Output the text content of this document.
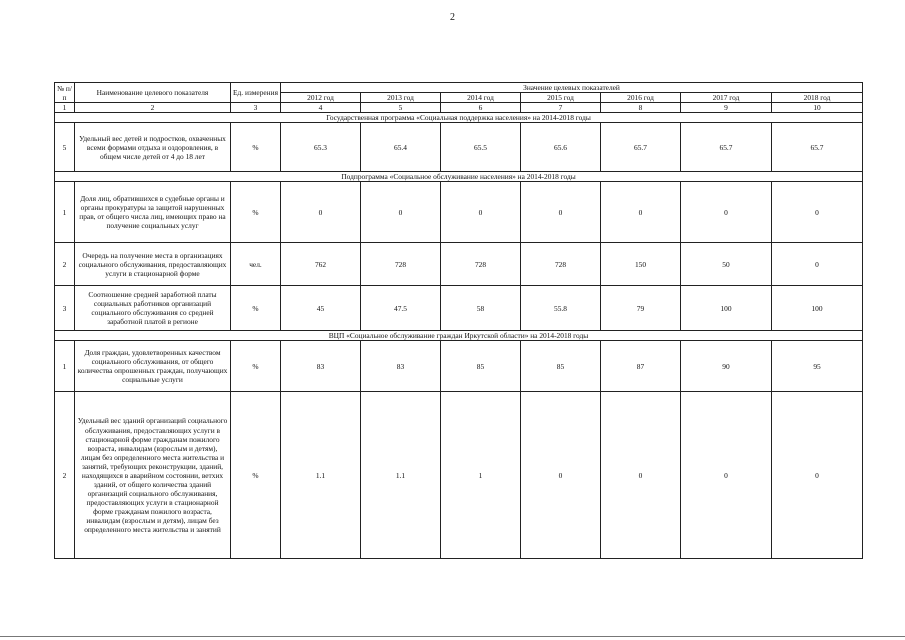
2
№ п/п	Наименование целевого показателя	Ед. измерения	Значение целевых показателей						
			2012 год	2013 год	2014 год	2015 год	2016 год	2017 год	2018 год
1	2	3	4	5	6	7	8	9	10
Государственная программа «Социальная поддержка населения» на 2014-2018 годы									
5	Удельный вес детей и подростков, охваченных всеми формами отдыха и оздоровления, в общем числе детей от 4 до 18 лет	%	65.3	65.4	65.5	65.6	65.7	65.7	65.7
Подпрограмма «Социальное обслуживание населения» на 2014-2018 годы									
1	Доля лиц, обратившихся в судебные органы и органы прокуратуры за защитой нарушенных прав, от общего числа лиц, имеющих право на получение социальных услуг	%	0	0	0	0	0	0	0
2	Очередь на получение места в организациях социального обслуживания, предоставляющих услуги в стационарной форме	чел.	762	728	728	728	150	50	0
3	Соотношение средней заработной платы социальных работников организаций социального обслуживания со средней заработной платой в регионе	%	45	47.5	58	55.8	79	100	100
ВЦП «Социальное обслуживание граждан Иркутской области» на 2014-2018 годы									
1	Доля граждан, удовлетворенных качеством социального обслуживания, от общего количества опрошенных граждан, получающих социальные услуги	%	83	83	85	85	87	90	95
2	Удельный вес зданий организаций социального обслуживания, предоставляющих услуги в стационарной форме гражданам пожилого возраста, инвалидам (взрослым и детям), лицам без определенного места жительства и занятий, требующих реконструкции, зданий, находящихся в аварийном состоянии, ветхих зданий, от общего количества зданий организаций социального обслуживания, предоставляющих услуги в стационарной форме гражданам пожилого возраста, инвалидам (взрослым и детям), лицам без определенного места жительства и занятий	%	1.1	1.1	1	0	0	0	0
